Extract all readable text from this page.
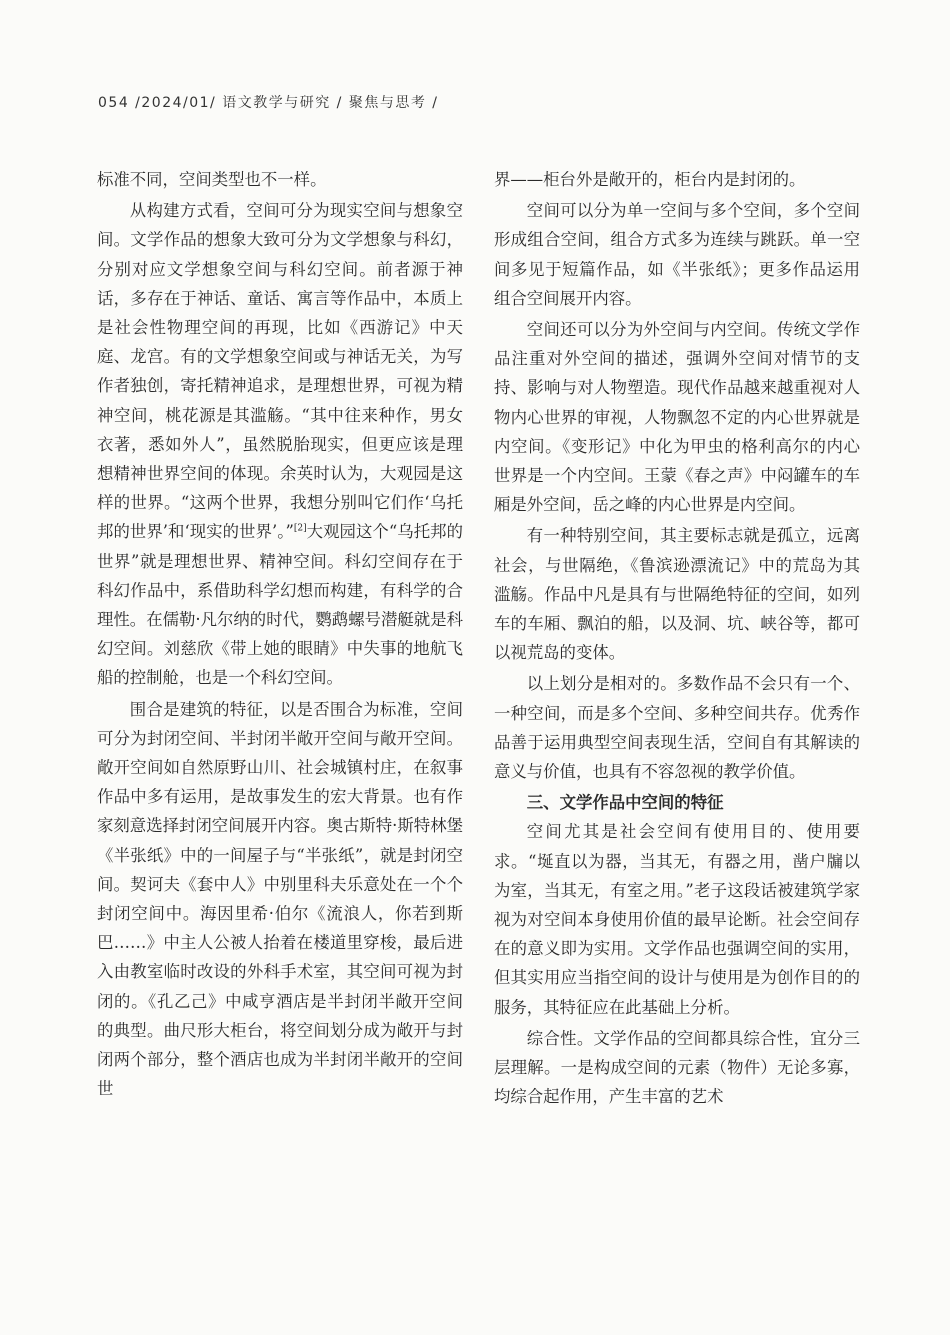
054 /2024/01/ 语文教学与研究 / 聚焦与思考 /

标准不同，空间类型也不一样。

从构建方式看，空间可分为现实空间与想象空间。文学作品的想象大致可分为文学想象与科幻，分别对应文学想象空间与科幻空间。前者源于神话，多存在于神话、童话、寓言等作品中，本质上是社会性物理空间的再现，比如《西游记》中天庭、龙宫。有的文学想象空间或与神话无关，为写作者独创，寄托精神追求，是理想世界，可视为精神空间，桃花源是其滥觞。“其中往来种作，男女衣著，悉如外人”，虽然脱胎现实，但更应该是理想精神世界空间的体现。余英时认为，大观园是这样的世界。“这两个世界，我想分别叫它们作‘乌托邦的世界’和‘现实的世界’。”[2]大观园这个“乌托邦的世界”就是理想世界、精神空间。科幻空间存在于科幻作品中，系借助科学幻想而构建，有科学的合理性。在儒勒·凡尔纳的时代，鹦鹉螺号潜艇就是科幻空间。刘慈欣《带上她的眼睛》中失事的地航飞船的控制舱，也是一个科幻空间。

围合是建筑的特征，以是否围合为标准，空间可分为封闭空间、半封闭半敞开空间与敞开空间。敞开空间如自然原野山川、社会城镇村庄，在叙事作品中多有运用，是故事发生的宏大背景。也有作家刻意选择封闭空间展开内容。奥古斯特·斯特林堡《半张纸》中的一间屋子与“半张纸”，就是封闭空间。契诃夫《套中人》中别里科夫乐意处在一个个封闭空间中。海因里希·伯尔《流浪人，你若到斯巴……》中主人公被人抬着在楼道里穿梭，最后进入由教室临时改设的外科手术室，其空间可视为封闭的。《孔乙己》中咸亨酒店是半封闭半敞开空间的典型。曲尺形大柜台，将空间划分成为敞开与封闭两个部分，整个酒店也成为半封闭半敞开的空间世

界——柜台外是敞开的，柜台内是封闭的。

空间可以分为单一空间与多个空间，多个空间形成组合空间，组合方式多为连续与跳跃。单一空间多见于短篇作品，如《半张纸》；更多作品运用组合空间展开内容。

空间还可以分为外空间与内空间。传统文学作品注重对外空间的描述，强调外空间对情节的支持、影响与对人物塑造。现代作品越来越重视对人物内心世界的审视，人物飘忽不定的内心世界就是内空间。《变形记》中化为甲虫的格利高尔的内心世界是一个内空间。王蒙《春之声》中闷罐车的车厢是外空间，岳之峰的内心世界是内空间。

有一种特别空间，其主要标志就是孤立，远离社会，与世隔绝，《鲁滨逊漂流记》中的荒岛为其滥觞。作品中凡是具有与世隔绝特征的空间，如列车的车厢、飘泊的船，以及洞、坑、峡谷等，都可以视荒岛的变体。

以上划分是相对的。多数作品不会只有一个、一种空间，而是多个空间、多种空间共存。优秀作品善于运用典型空间表现生活，空间自有其解读的意义与价值，也具有不容忽视的教学价值。

三、文学作品中空间的特征

空间尤其是社会空间有使用目的、使用要求。“埏直以为器，当其无，有器之用，凿户牖以为室，当其无，有室之用。”老子这段话被建筑学家视为对空间本身使用价值的最早论断。社会空间存在的意义即为实用。文学作品也强调空间的实用，但其实用应当指空间的设计与使用是为创作目的的服务，其特征应在此基础上分析。

综合性。文学作品的空间都具综合性，宜分三层理解。一是构成空间的元素（物件）无论多寡，均综合起作用，产生丰富的艺术
